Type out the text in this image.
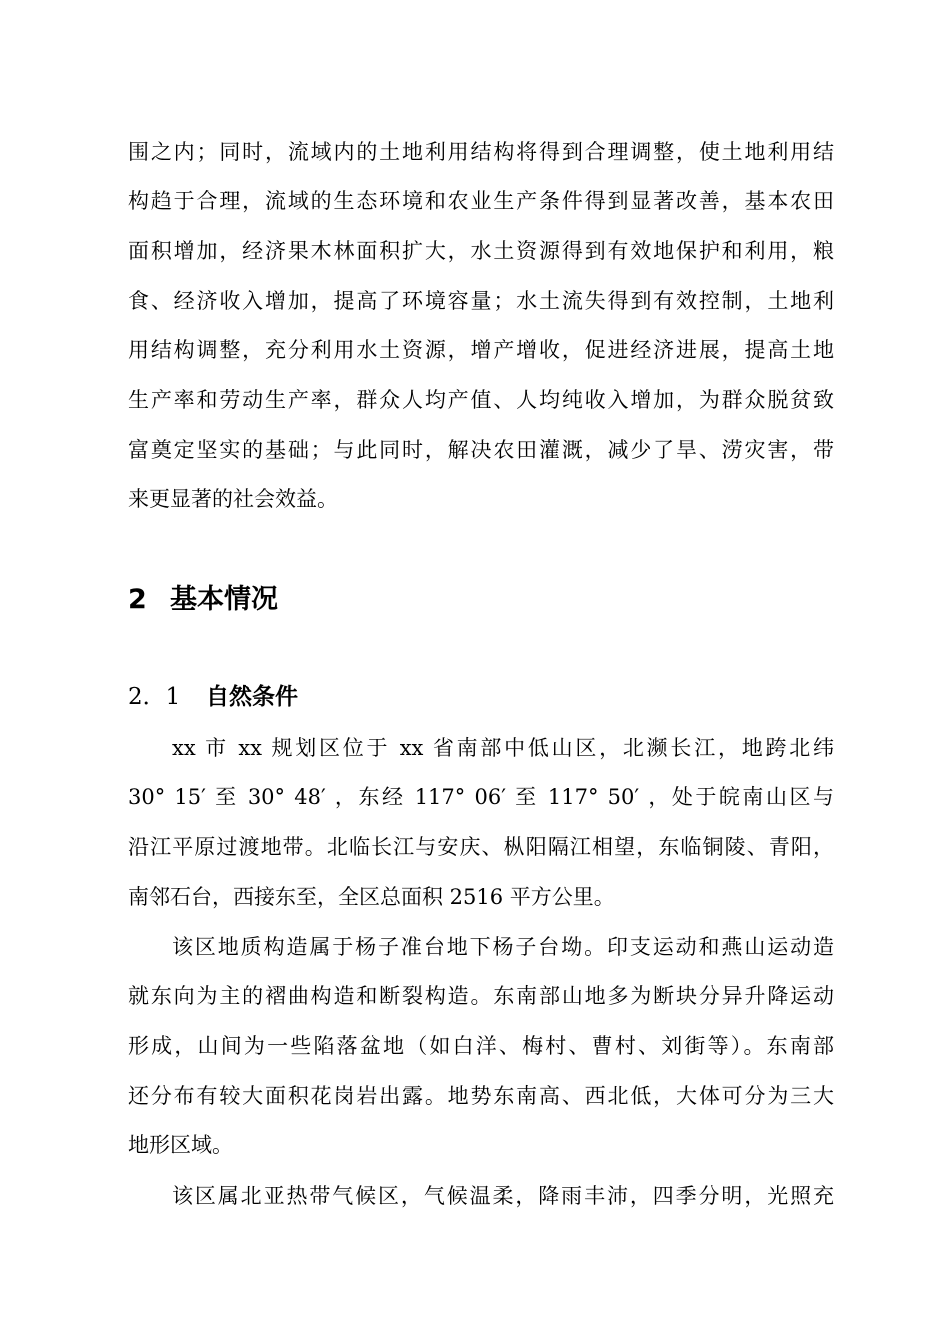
围之内；同时，流域内的土地利用结构将得到合理调整，使土地利用结
构趋于合理，流域的生态环境和农业生产条件得到显著改善，基本农田
面积增加，经济果木林面积扩大，水土资源得到有效地保护和利用，粮
食、经济收入增加，提高了环境容量；水土流失得到有效控制，土地利
用结构调整，充分利用水土资源，增产增收，促进经济进展，提高土地
生产率和劳动生产率，群众人均产值、人均纯收入增加，为群众脱贫致
富奠定坚实的基础；与此同时，解决农田灌溉，减少了旱、涝灾害，带
来更显著的社会效益。
2 基本情况
2．1 自然条件
xx 市 xx 规划区位于 xx 省南部中低山区，北濒长江，地跨北纬
30° 15′ 至 30° 48′ ，东经 117° 06′ 至 117° 50′ ，处于皖南山区与
沿江平原过渡地带。北临长江与安庆、枞阳隔江相望，东临铜陵、青阳，
南邻石台，西接东至，全区总面积 2516 平方公里。
该区地质构造属于杨子准台地下杨子台坳。印支运动和燕山运动造
就东向为主的褶曲构造和断裂构造。东南部山地多为断块分异升降运动
形成，山间为一些陷落盆地（如白洋、梅村、曹村、刘街等）。东南部
还分布有较大面积花岗岩出露。地势东南高、西北低，大体可分为三大
地形区域。
该区属北亚热带气候区，气候温柔，降雨丰沛，四季分明，光照充
